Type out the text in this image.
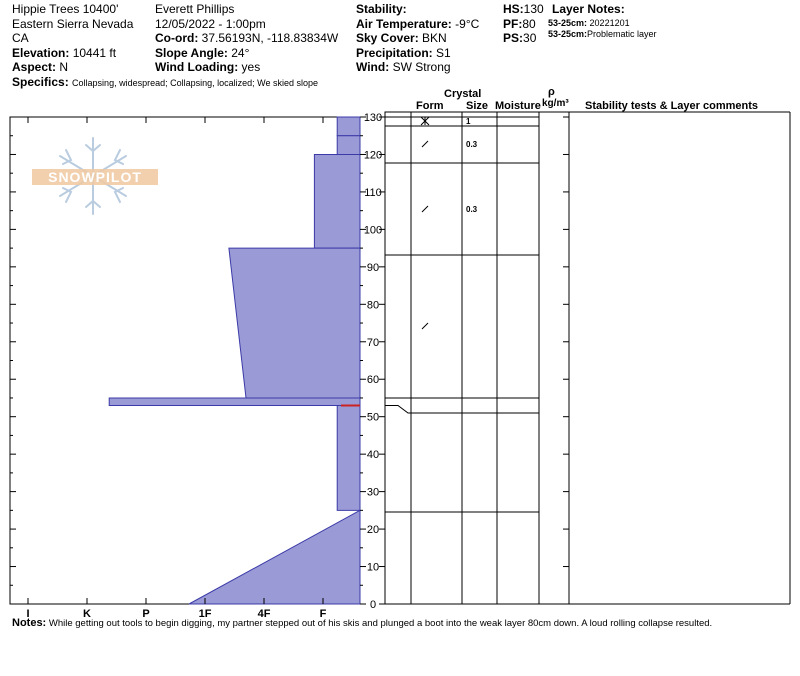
Hippie Trees 10400'
Eastern Sierra Nevada
CA
Elevation: 10441 ft
Aspect: N
Specifics: Collapsing, widespread; Collapsing, localized; We skied slope
Everett Phillips
12/05/2022 - 1:00pm
Co-ord: 37.56193N, -118.83834W
Slope Angle: 24°
Wind Loading: yes
Stability:
Air Temperature: -9°C
Sky Cover: BKN
Precipitation: S1
Wind: SW Strong
HS:130
PF:80
PS:30
Layer Notes:
53-25cm: 20221201
53-25cm:Problematic layer
Crystal
Form Size Moisture
ρ
kg/m³ Stability tests & Layer comments
I	K	P	1F	4F	F
0
10
20
30
40
50
60
70
80
90
100
110
120
130	1
0.3
0.3
SNOWPILOT
Notes: While getting out tools to begin digging, my partner stepped out of his skis and plunged a boot into the weak layer 80cm down. A loud rolling collapse resulted.
